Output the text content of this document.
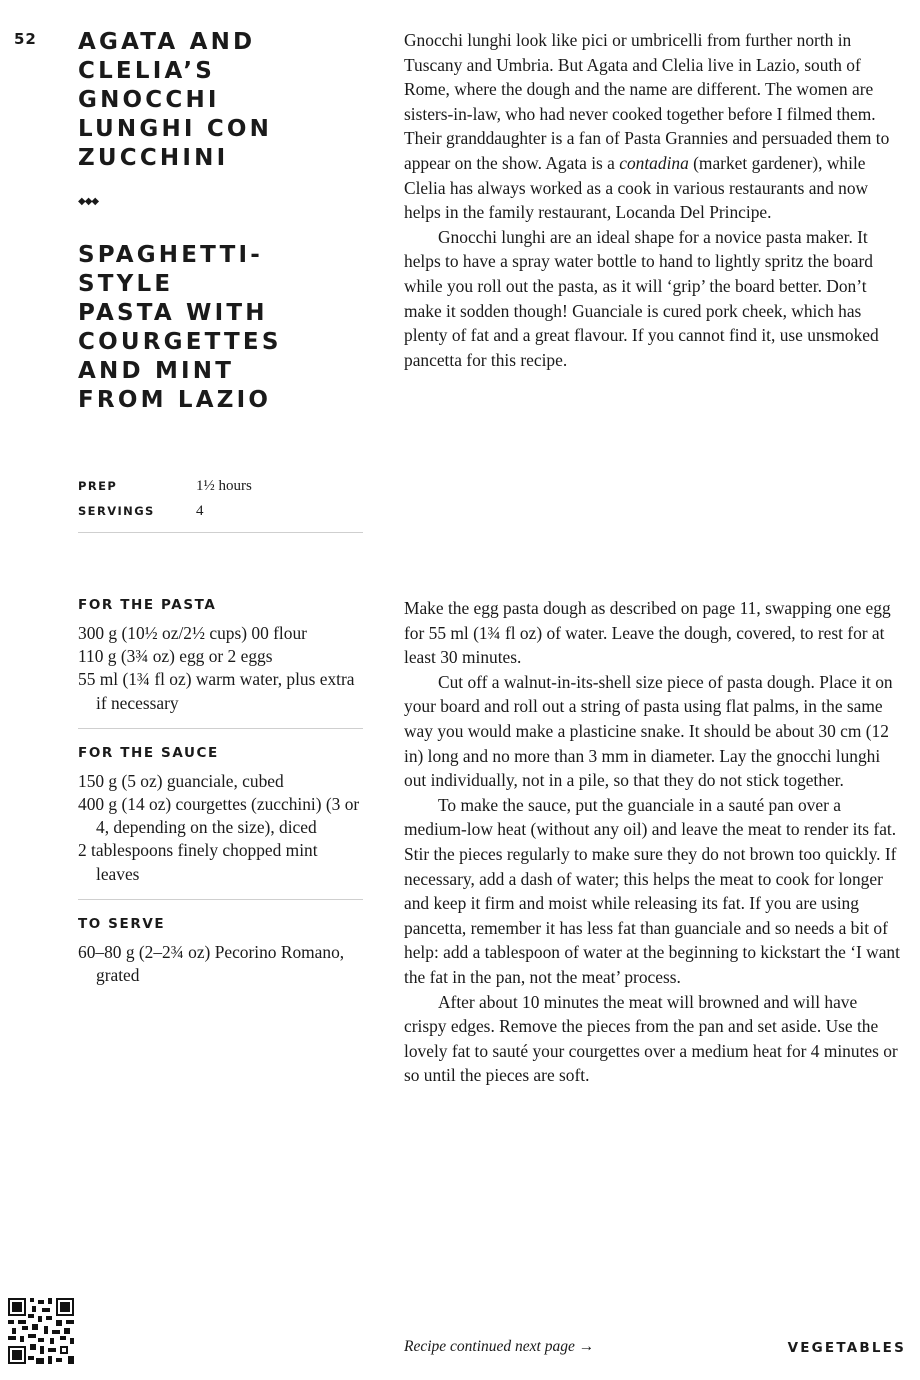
52 AGATA AND
CLELIA’S
GNOCCHI
LUNGHI CON
ZUCCHINI
◆◆◆
SPAGHETTI-
STYLE
PASTA WITH
COURGETTES
AND MINT
FROM LAZIO

Gnocchi lunghi look like pici or umbricelli from further north in Tuscany and Umbria. But Agata and Clelia live in Lazio, south of Rome, where the dough and the name are different. The women are sisters-in-law, who had never cooked together before I filmed them. Their granddaughter is a fan of Pasta Grannies and persuaded them to appear on the show. Agata is a contadina (market gardener), while Clelia has always worked as a cook in various restaurants and now helps in the family restaurant, Locanda Del Principe.

Gnocchi lunghi are an ideal shape for a novice pasta maker. It helps to have a spray water bottle to hand to lightly spritz the board while you roll out the pasta, as it will ‘grip’ the board better. Don’t make it sodden though! Guanciale is cured pork cheek, which has plenty of fat and a great flavour. If you cannot find it, use unsmoked pancetta for this recipe.

PREP	1½ hours
SERVINGS	4
FOR THE PASTA
300 g (10½ oz/2½ cups) 00 flour
110 g (3¾ oz) egg or 2 eggs
55 ml (1¾ fl oz) warm water, plus extra if necessary
FOR THE SAUCE
150 g (5 oz) guanciale, cubed
400 g (14 oz) courgettes (zucchini) (3 or 4, depending on the size), diced
2 tablespoons finely chopped mint leaves
TO SERVE
60–80 g (2–2¾ oz) Pecorino Romano, grated

Make the egg pasta dough as described on page 11, swapping one egg for 55 ml (1¾ fl oz) of water. Leave the dough, covered, to rest for at least 30 minutes.

Cut off a walnut-in-its-shell size piece of pasta dough. Place it on your board and roll out a string of pasta using flat palms, in the same way you would make a plasticine snake. It should be about 30 cm (12 in) long and no more than 3 mm in diameter. Lay the gnocchi lunghi out individually, not in a pile, so that they do not stick together.

To make the sauce, put the guanciale in a sauté pan over a medium-low heat (without any oil) and leave the meat to render its fat. Stir the pieces regularly to make sure they do not brown too quickly. If necessary, add a dash of water; this helps the meat to cook for longer and keep it firm and moist while releasing its fat. If you are using pancetta, remember it has less fat than guanciale and so needs a bit of help: add a tablespoon of water at the beginning to kickstart the ‘I want the fat in the pan, not the meat’ process.

After about 10 minutes the meat will browned and will have crispy edges. Remove the pieces from the pan and set aside. Use the lovely fat to sauté your courgettes over a medium heat for 4 minutes or so until the pieces are soft.

Recipe continued next page →	VEGETABLES
